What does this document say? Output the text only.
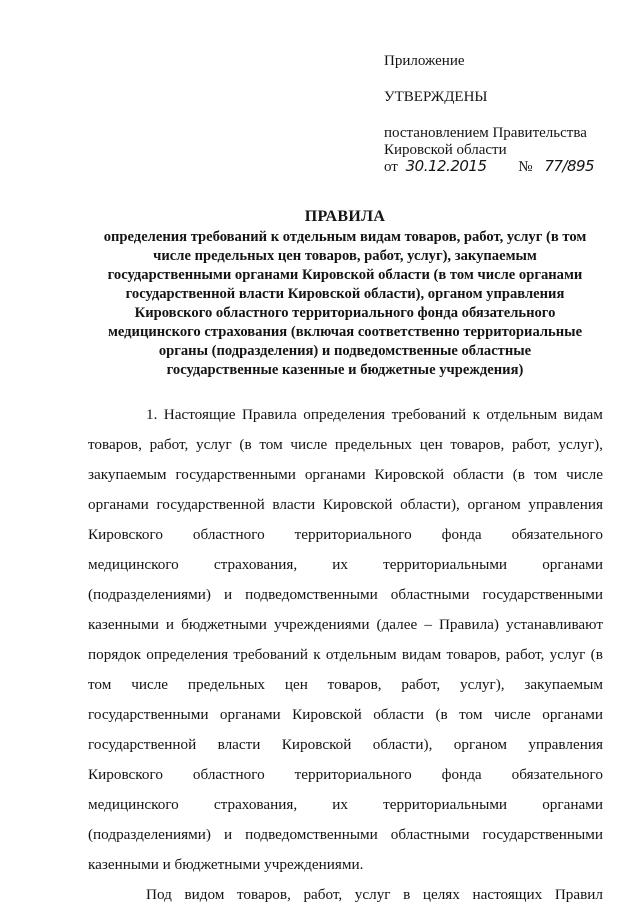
Приложение
УТВЕРЖДЕНЫ
постановлением Правительства
Кировской области
от 30.12.2015 № 77/895
ПРАВИЛА
определения требований к отдельным видам товаров, работ, услуг (в том
числе предельных цен товаров, работ, услуг), закупаемым
государственными органами Кировской области (в том числе органами
государственной власти Кировской области), органом управления
Кировского областного территориального фонда обязательного
медицинского страхования (включая соответственно территориальные
органы (подразделения) и подведомственные областные
государственные казенные и бюджетные учреждения)
1. Настоящие Правила определения требований к отдельным видам
товаров, работ, услуг (в том числе предельных цен товаров, работ, услуг),
закупаемым государственными органами Кировской области (в том числе
органами государственной власти Кировской области), органом управления
Кировского областного территориального фонда обязательного
медицинского страхования, их территориальными органами
(подразделениями) и подведомственными областными государственными
казенными и бюджетными учреждениями (далее – Правила) устанавливают
порядок определения требований к отдельным видам товаров, работ, услуг (в
том числе предельных цен товаров, работ, услуг), закупаемым
государственными органами Кировской области (в том числе органами
государственной власти Кировской области), органом управления
Кировского областного территориального фонда обязательного
медицинского страхования, их территориальными органами
(подразделениями) и подведомственными областными государственными
казенными и бюджетными учреждениями.
Под видом товаров, работ, услуг в целях настоящих Правил
